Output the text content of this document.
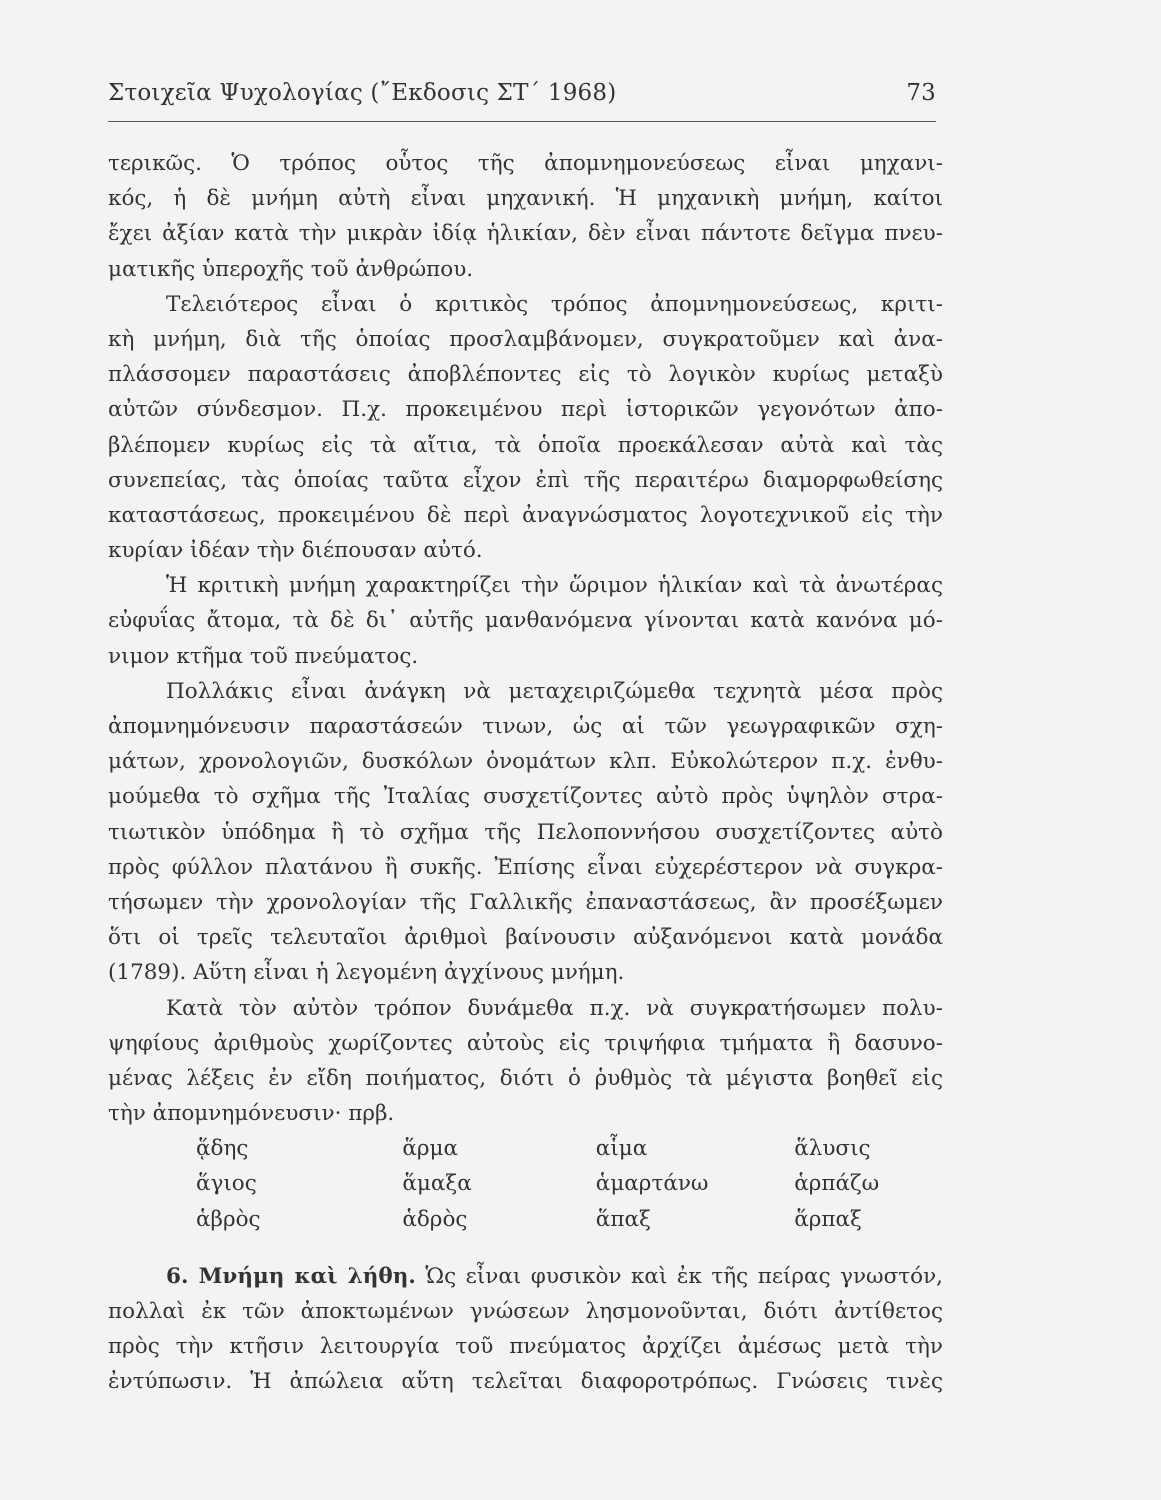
Στοιχεῖα Ψυχολογίας (῎Εκδοσις ΣΤ΄ 1968)	73
τερικῶς. Ὁ τρόπος οὗτος τῆς ἀπομνημονεύσεως εἶναι μηχανι-
κός, ἡ δὲ μνήμη αὐτὴ εἶναι μηχανική. Ἡ μηχανικὴ μνήμη, καίτοι
ἔχει ἀξίαν κατὰ τὴν μικρὰν ἰδίᾳ ἡλικίαν, δὲν εἶναι πάντοτε δεῖγμα πνευ-
ματικῆς ὑπεροχῆς τοῦ ἀνθρώπου.
Τελειότερος εἶναι ὁ κριτικὸς τρόπος ἀπομνημονεύσεως, κριτι-
κὴ μνήμη, διὰ τῆς ὁποίας προσλαμβάνομεν, συγκρατοῦμεν καὶ ἀνα-
πλάσσομεν παραστάσεις ἀποβλέποντες εἰς τὸ λογικὸν κυρίως μεταξὺ
αὐτῶν σύνδεσμον. Π.χ. προκειμένου περὶ ἱστορικῶν γεγονότων ἀπο-
βλέπομεν κυρίως εἰς τὰ αἴτια, τὰ ὁποῖα προεκάλεσαν αὐτὰ καὶ τὰς
συνεπείας, τὰς ὁποίας ταῦτα εἶχον ἐπὶ τῆς περαιτέρω διαμορφωθείσης
καταστάσεως, προκειμένου δὲ περὶ ἀναγνώσματος λογοτεχνικοῦ εἰς τὴν
κυρίαν ἰδέαν τὴν διέπουσαν αὐτό.
Ἡ κριτικὴ μνήμη χαρακτηρίζει τὴν ὥριμον ἡλικίαν καὶ τὰ ἀνωτέρας
εὐφυΐας ἄτομα, τὰ δὲ δι᾽ αὐτῆς μανθανόμενα γίνονται κατὰ κανόνα μό-
νιμον κτῆμα τοῦ πνεύματος.
Πολλάκις εἶναι ἀνάγκη νὰ μεταχειριζώμεθα τεχνητὰ μέσα πρὸς
ἀπομνημόνευσιν παραστάσεών τινων, ὡς αἱ τῶν γεωγραφικῶν σχη-
μάτων, χρονολογιῶν, δυσκόλων ὀνομάτων κλπ. Εὐκολώτερον π.χ. ἐνθυ-
μούμεθα τὸ σχῆμα τῆς Ἰταλίας συσχετίζοντες αὐτὸ πρὸς ὑψηλὸν στρα-
τιωτικὸν ὑπόδημα ἢ τὸ σχῆμα τῆς Πελοποννήσου συσχετίζοντες αὐτὸ
πρὸς φύλλον πλατάνου ἢ συκῆς. Ἐπίσης εἶναι εὐχερέστερον νὰ συγκρα-
τήσωμεν τὴν χρονολογίαν τῆς Γαλλικῆς ἐπαναστάσεως, ἂν προσέξωμεν
ὅτι οἱ τρεῖς τελευταῖοι ἀριθμοὶ βαίνουσιν αὐξανόμενοι κατὰ μονάδα
(1789). Αὕτη εἶναι ἡ λεγομένη ἀγχίνους μνήμη.
Κατὰ τὸν αὐτὸν τρόπον δυνάμεθα π.χ. νὰ συγκρατήσωμεν πολυ-
ψηφίους ἀριθμοὺς χωρίζοντες αὐτοὺς εἰς τριψήφια τμήματα ἢ δασυνο-
μένας λέξεις ἐν εἴδη ποιήματος, διότι ὁ ῥυθμὸς τὰ μέγιστα βοηθεῖ εἰς
τὴν ἀπομνημόνευσιν· πρβ.
ᾅδης	ἅρμα	αἷμα	ἅλυσις
ἅγιος	ἅμαξα	ἁμαρτάνω	ἁρπάζω
ἁβρὸς	ἁδρὸς	ἅπαξ	ἅρπαξ
6. Μνήμη καὶ λήθη. Ὡς εἶναι φυσικὸν καὶ ἐκ τῆς πείρας γνωστόν,
πολλαὶ ἐκ τῶν ἀποκτωμένων γνώσεων λησμονοῦνται, διότι ἀντίθετος
πρὸς τὴν κτῆσιν λειτουργία τοῦ πνεύματος ἀρχίζει ἀμέσως μετὰ τὴν
ἐντύπωσιν. Ἡ ἀπώλεια αὕτη τελεῖται διαφοροτρόπως. Γνώσεις τινὲς
